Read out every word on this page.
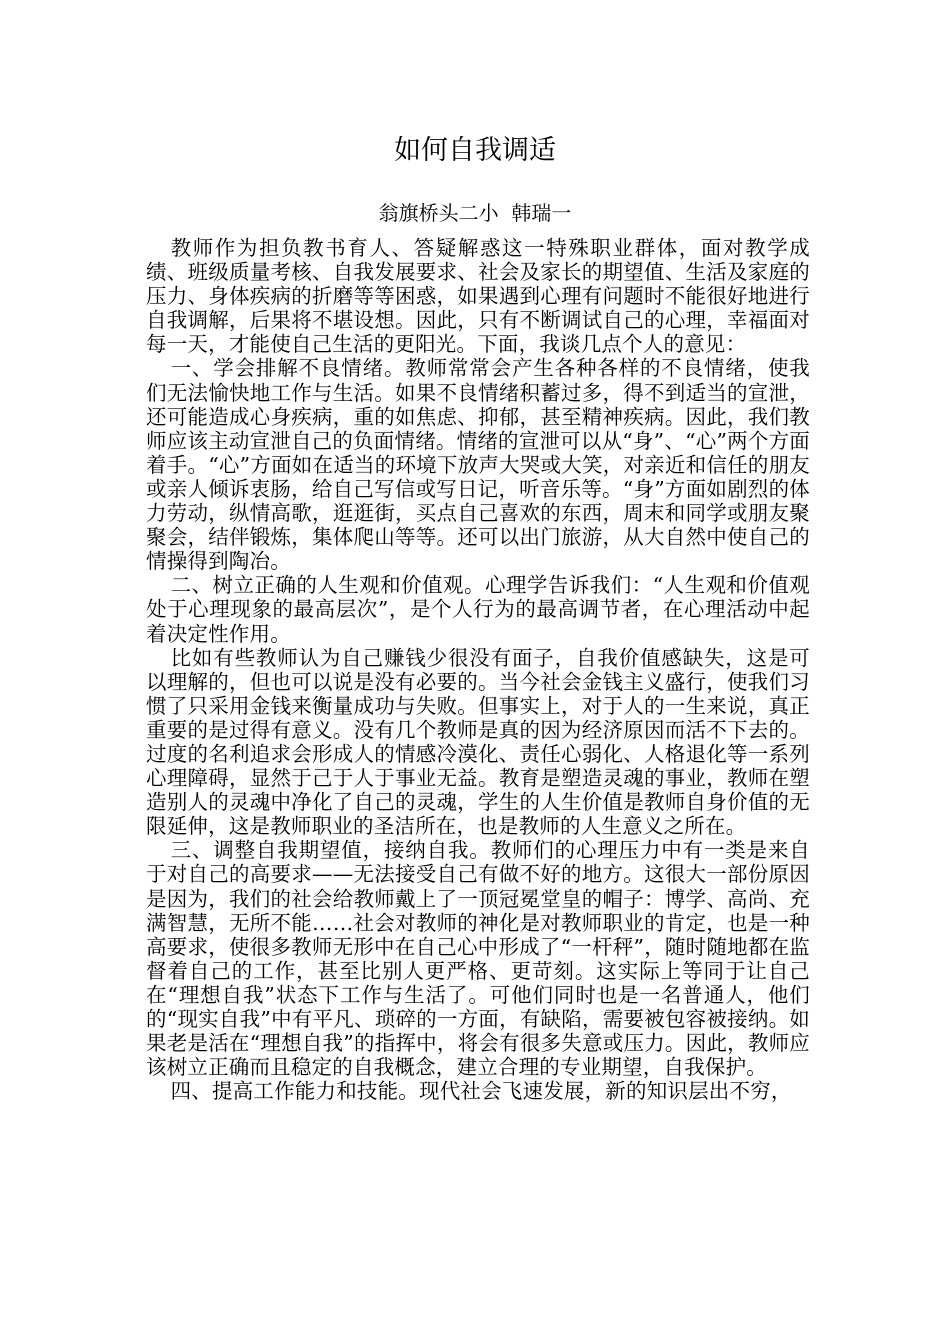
如何自我调适
翁旗桥头二小  韩瑞一

教师作为担负教书育人、答疑解惑这一特殊职业群体，面对教学成绩、班级质量考核、自我发展要求、社会及家长的期望值、生活及家庭的压力、身体疾病的折磨等等困惑，如果遇到心理有问题时不能很好地进行自我调解，后果将不堪设想。因此，只有不断调试自己的心理，幸福面对每一天，才能使自己生活的更阳光。下面，我谈几点个人的意见：

一、学会排解不良情绪。教师常常会产生各种各样的不良情绪，使我们无法愉快地工作与生活。如果不良情绪积蓄过多，得不到适当的宣泄，还可能造成心身疾病，重的如焦虑、抑郁，甚至精神疾病。因此，我们教师应该主动宣泄自己的负面情绪。情绪的宣泄可以从“身”、“心”两个方面着手。“心”方面如在适当的环境下放声大哭或大笑，对亲近和信任的朋友或亲人倾诉衷肠，给自己写信或写日记，听音乐等。“身”方面如剧烈的体力劳动，纵情高歌，逛逛街，买点自己喜欢的东西，周末和同学或朋友聚聚会，结伴锻炼，集体爬山等等。还可以出门旅游，从大自然中使自己的情操得到陶冶。

二、树立正确的人生观和价值观。心理学告诉我们：“人生观和价值观处于心理现象的最高层次”，是个人行为的最高调节者，在心理活动中起着决定性作用。

比如有些教师认为自己赚钱少很没有面子，自我价值感缺失，这是可以理解的，但也可以说是没有必要的。当今社会金钱主义盛行，使我们习惯了只采用金钱来衡量成功与失败。但事实上，对于人的一生来说，真正重要的是过得有意义。没有几个教师是真的因为经济原因而活不下去的。过度的名利追求会形成人的情感冷漠化、责任心弱化、人格退化等一系列心理障碍，显然于己于人于事业无益。教育是塑造灵魂的事业，教师在塑造别人的灵魂中净化了自己的灵魂，学生的人生价值是教师自身价值的无限延伸，这是教师职业的圣洁所在，也是教师的人生意义之所在。

三、调整自我期望值，接纳自我。教师们的心理压力中有一类是来自于对自己的高要求——无法接受自己有做不好的地方。这很大一部份原因是因为，我们的社会给教师戴上了一顶冠冕堂皇的帽子：博学、高尚、充满智慧，无所不能……社会对教师的神化是对教师职业的肯定，也是一种高要求，使很多教师无形中在自己心中形成了“一杆秤”，随时随地都在监督着自己的工作，甚至比别人更严格、更苛刻。这实际上等同于让自己在“理想自我”状态下工作与生活了。可他们同时也是一名普通人，他们的“现实自我”中有平凡、琐碎的一方面，有缺陷，需要被包容被接纳。如果老是活在“理想自我”的指挥中，将会有很多失意或压力。因此，教师应该树立正确而且稳定的自我概念，建立合理的专业期望，自我保护。

四、提高工作能力和技能。现代社会飞速发展，新的知识层出不穷，
